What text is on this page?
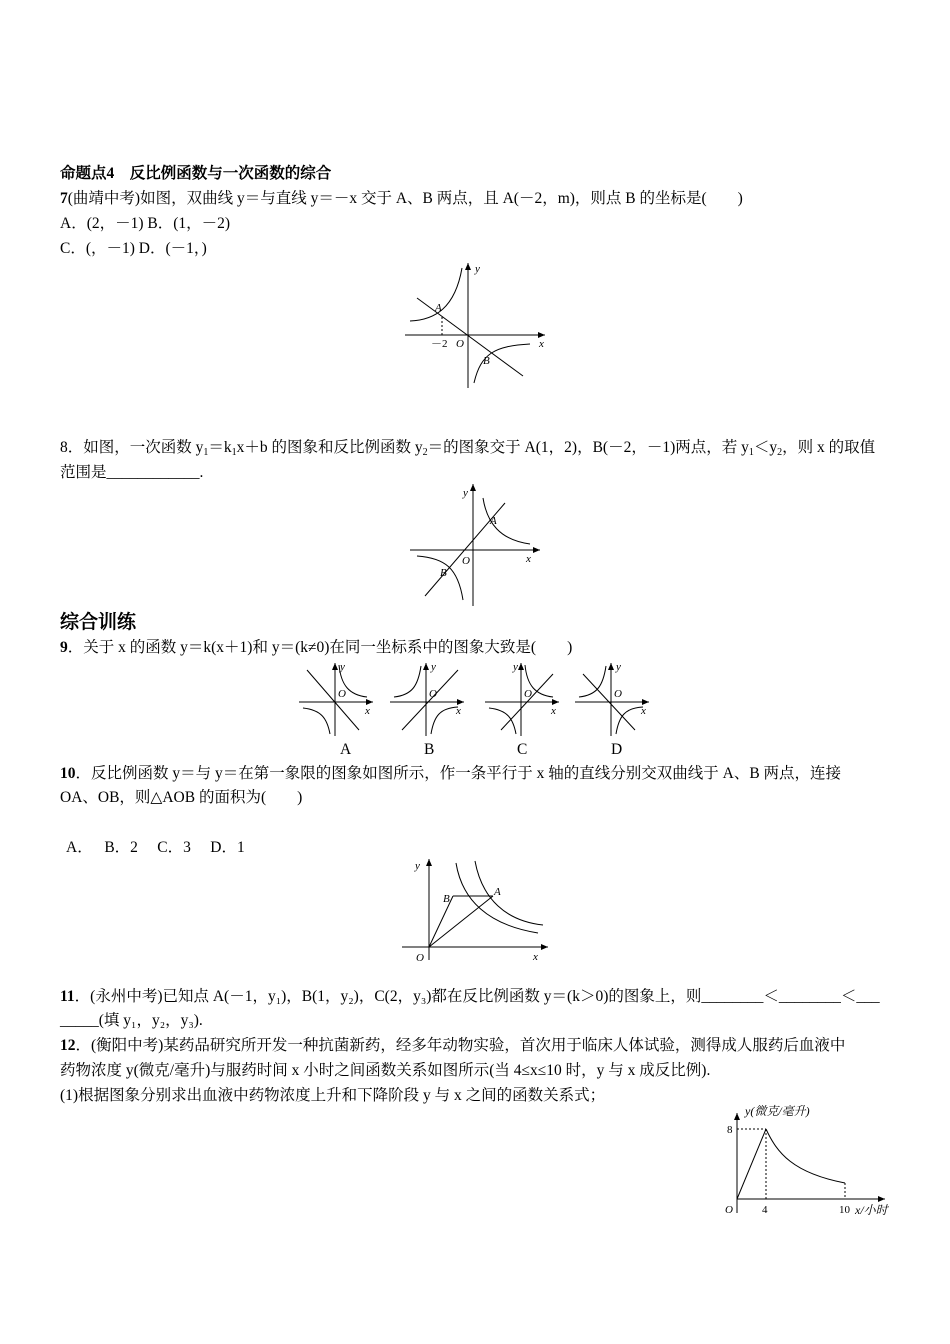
命题点4　反比例函数与一次函数的综合

7(曲靖中考)如图，双曲线 y＝与直线 y＝－x 交于 A、B 两点，且 A(－2，m)，则点 B 的坐标是(　　)

A．(2，－1) B．(1，－2)

C．(，－1) D．(－1，)

y
x
O
A
B
－2

8．如图，一次函数 $y_1=k_1x+b$ 的图象和反比例函数 $y_2=$的图象交于 A(1，2)，B(－2，－1)两点，若 $y_1<y_2$，则 x 的取值

范围是____________.

y
x
O
A
B

综合训练

9．关于 x 的函数 y＝k(x＋1)和 y＝(k≠0)在同一坐标系中的图象大致是(　　)

y
O
x
y
O
x
y
O
x
y
O
x
A	B	C	D

10．反比例函数 y＝与 y＝在第一象限的图象如图所示，作一条平行于 x 轴的直线分别交双曲线于 A、B 两点，连接

OA、OB，则△AOB 的面积为(　　)

A．　 B．2　 C．3　 D．1

y
x
O
A
B

11．(永州中考)已知点 A(－1，y₁)，B(1，y₂)，C(2，y₃)都在反比例函数 y＝(k＞0)的图象上，则________＜________＜___

_____(填 y₁，y₂，y₃).

12．(衡阳中考)某药品研究所开发一种抗菌新药，经多年动物实验，首次用于临床人体试验，测得成人服药后血液中

药物浓度 y(微克/毫升)与服药时间 x 小时之间函数关系如图所示(当 4≤x≤10 时，y 与 x 成反比例).

(1)根据图象分别求出血液中药物浓度上升和下降阶段 y 与 x 之间的函数关系式；

y(微克/毫升)
x/小时
O
8
4	10
